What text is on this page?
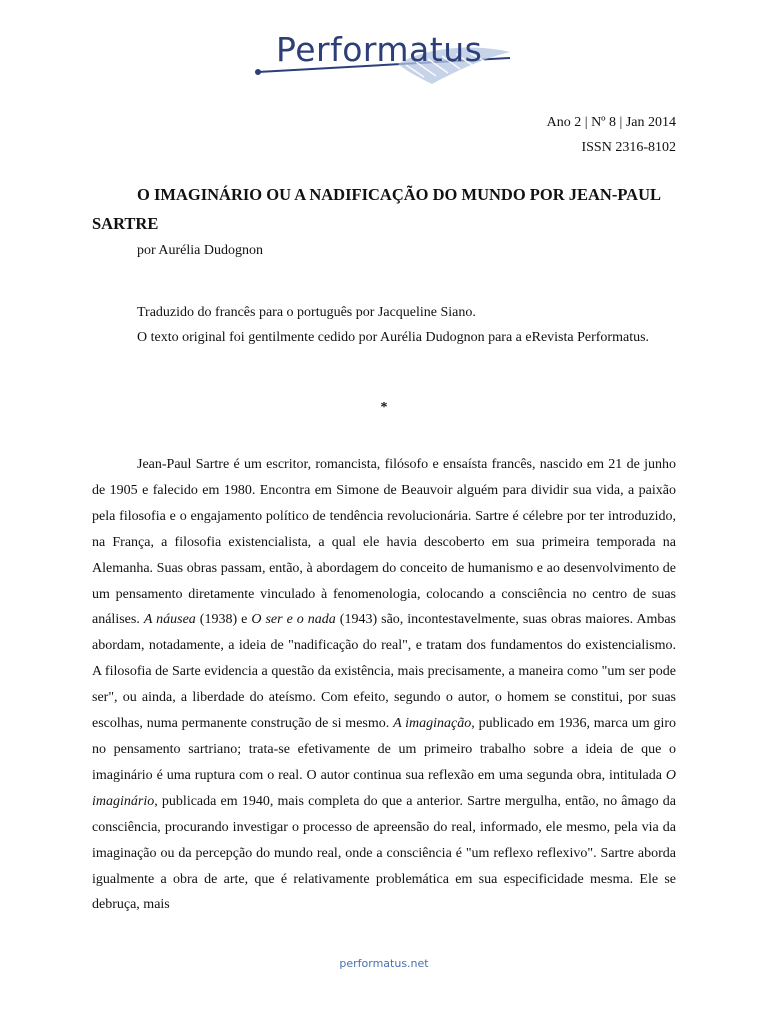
Performatus
Ano 2 | Nº 8 | Jan 2014
ISSN 2316-8102
O IMAGINÁRIO OU A NADIFICAÇÃO DO MUNDO POR JEAN-PAUL SARTRE
por Aurélia Dudognon

Traduzido do francês para o português por Jacqueline Siano.

O texto original foi gentilmente cedido por Aurélia Dudognon para a eRevista Performatus.

*

Jean-Paul Sartre é um escritor, romancista, filósofo e ensaísta francês, nascido em 21 de junho de 1905 e falecido em 1980. Encontra em Simone de Beauvoir alguém para dividir sua vida, a paixão pela filosofia e o engajamento político de tendência revolucionária. Sartre é célebre por ter introduzido, na França, a filosofia existencialista, a qual ele havia descoberto em sua primeira temporada na Alemanha. Suas obras passam, então, à abordagem do conceito de humanismo e ao desenvolvimento de um pensamento diretamente vinculado à fenomenologia, colocando a consciência no centro de suas análises. A náusea (1938) e O ser e o nada (1943) são, incontestavelmente, suas obras maiores. Ambas abordam, notadamente, a ideia de "nadificação do real", e tratam dos fundamentos do existencialismo. A filosofia de Sarte evidencia a questão da existência, mais precisamente, a maneira como "um ser pode ser", ou ainda, a liberdade do ateísmo. Com efeito, segundo o autor, o homem se constitui, por suas escolhas, numa permanente construção de si mesmo. A imaginação, publicado em 1936, marca um giro no pensamento sartriano; trata-se efetivamente de um primeiro trabalho sobre a ideia de que o imaginário é uma ruptura com o real. O autor continua sua reflexão em uma segunda obra, intitulada O imaginário, publicada em 1940, mais completa do que a anterior. Sartre mergulha, então, no âmago da consciência, procurando investigar o processo de apreensão do real, informado, ele mesmo, pela via da imaginação ou da percepção do mundo real, onde a consciência é "um reflexo reflexivo". Sartre aborda igualmente a obra de arte, que é relativamente problemática em sua especificidade mesma. Ele se debruça, mais

performatus.net
